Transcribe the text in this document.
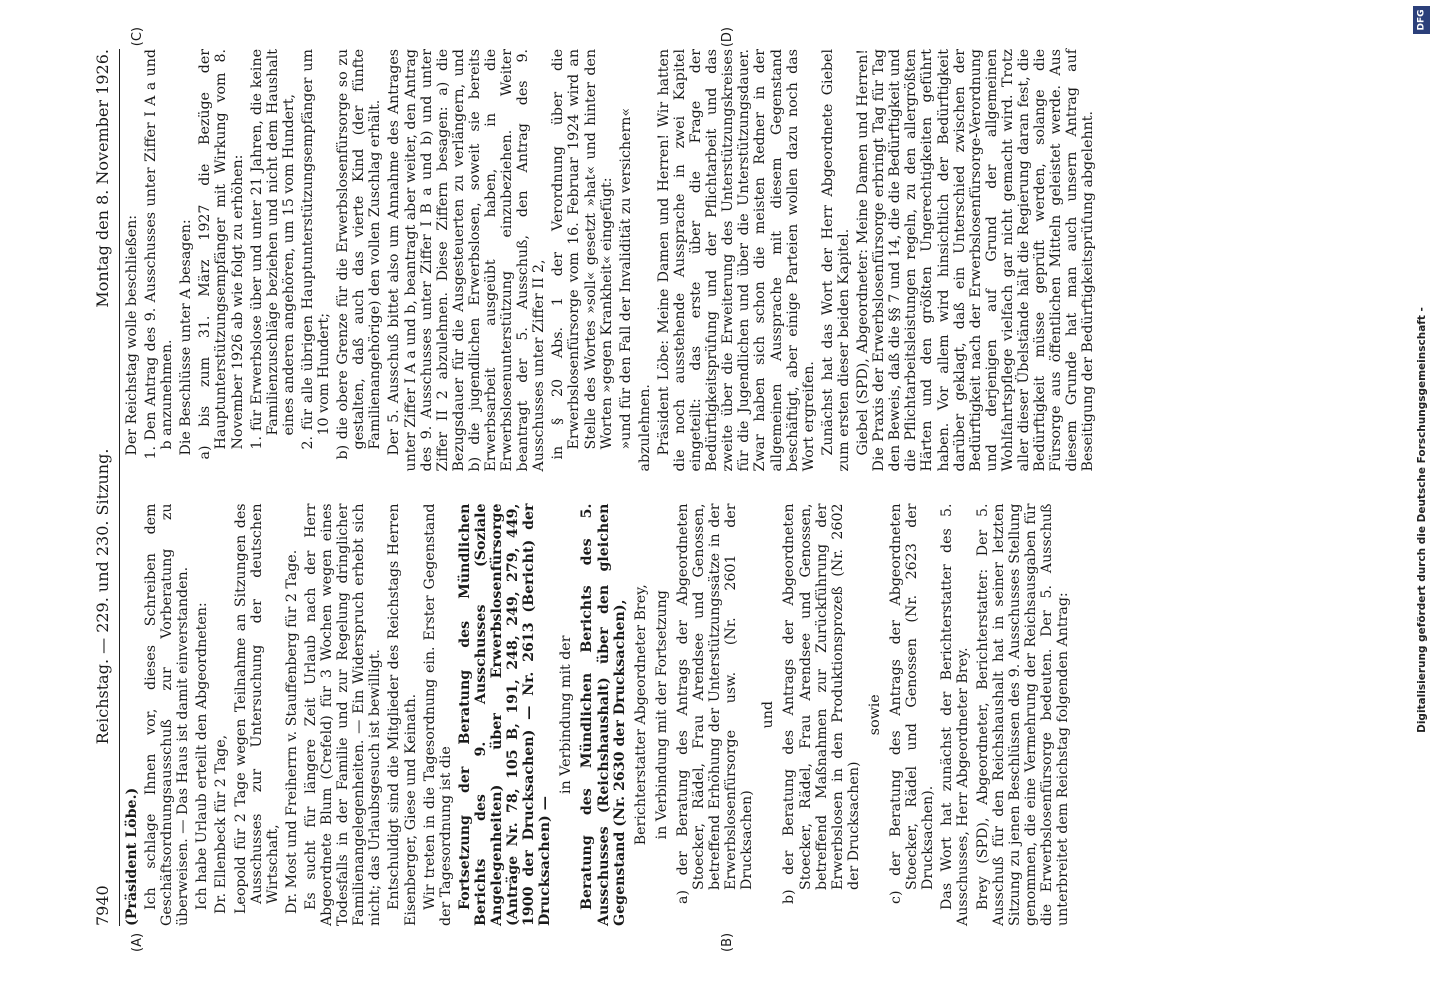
DFG
Digitalisierung gefördert durch die Deutsche Forschungsgemeinschaft -
7940
Reichstag. — 229. und 230. Sitzung.
Montag den 8. November 1926.
(A)	(B)
(C)	(D)

(Präsident Löbe.) Ich schlage Ihnen vor, dieses Schreiben dem Geschäftsordnungsausschuß zur Vorberatung zu überweisen. — Das Haus ist damit einverstanden. Ich habe Urlaub erteilt den Abgeordneten: Dr. Ellenbeck für 2 Tage, Leopold für 2 Tage wegen Teilnahme an Sitzungen des Ausschusses zur Untersuchung der deutschen Wirtschaft, Dr. Most und Freiherrn v. Stauffenberg für 2 Tage. Es sucht für längere Zeit Urlaub nach der Herr Abgeordnete Blum (Crefeld) für 3 Wochen wegen eines Todesfalls in der Familie und zur Regelung dringlicher Familienangelegenheiten. — Ein Widerspruch erhebt sich nicht; das Urlaubsgesuch ist bewilligt. Entschuldigt sind die Mitglieder des Reichstags Herren Eisenberger, Giese und Keinath. Wir treten in die Tagesordnung ein. Erster Gegenstand der Tagesordnung ist die Fortsetzung der Beratung des Mündlichen Berichts des 9. Ausschusses (Soziale Angelegenheiten) über Erwerbslosenfürsorge (Anträge Nr. 78, 105 B, 191, 248, 249, 279, 449, 1900 der Drucksachen) — Nr. 2613 (Bericht) der Drucksachen) —

in Verbindung mit der Beratung des Mündlichen Berichts des 5. Ausschusses (Reichshaushalt) über den gleichen Gegenstand (Nr. 2630 der Drucksachen), Berichterstatter Abgeordneter Brey, in Verbindung mit der Fortsetzung a) der Beratung des Antrags der Abgeordneten Stoecker, Rädel, Frau Arendsee und Genossen, betreffend Erhöhung der Unterstützungssätze in der Erwerbslosenfürsorge usw. (Nr. 2601 der Drucksachen)

und b) der Beratung des Antrags der Abgeordneten Stoecker, Rädel, Frau Arendsee und Genossen, betreffend Maßnahmen zur Zurückführung der Erwerbslosen in den Produktionsprozeß (Nr. 2602 der Drucksachen)

sowie c) der Beratung des Antrags der Abgeordneten Stoecker, Rädel und Genossen (Nr. 2623 der Drucksachen). Das Wort hat zunächst der Berichterstatter des 5. Ausschusses, Herr Abgeordneter Brey. Brey (SPD), Abgeordneter, Berichterstatter: Der 5. Ausschuß für den Reichshaushalt hat in seiner letzten Sitzung zu jenen Beschlüssen des 9. Ausschusses Stellung genommen, die eine Vermehrung der Reichsausgaben für die Erwerbslosenfürsorge bedeuten. Der 5. Ausschuß unterbreitet dem Reichstag folgenden Antrag:

Der Reichstag wolle beschließen: 1. Den Antrag des 9. Ausschusses unter Ziffer I A a und b anzunehmen. Die Beschlüsse unter A besagen: a) bis zum 31. März 1927 die Bezüge der Hauptunterstützungsempfänger mit Wirkung vom 8. November 1926 ab wie folgt zu erhöhen: 1. für Erwerbslose über und unter 21 Jahren, die keine Familienzuschläge beziehen und nicht dem Haushalt eines anderen angehören, um 15 vom Hundert, 2. für alle übrigen Hauptunterstützungsempfänger um 10 vom Hundert; b) die obere Grenze für die Erwerbslosenfürsorge so zu gestalten, daß auch das vierte Kind (der fünfte Familienangehörige) den vollen Zuschlag erhält. Der 5. Ausschuß bittet also um Annahme des Antrages unter Ziffer I A a und b, beantragt aber weiter, den Antrag des 9. Ausschusses unter Ziffer I B a und b) und unter Ziffer II 2 abzulehnen. Diese Ziffern besagen: a) die Bezugsdauer für die Ausgesteuerten zu verlängern, und b) die jugendlichen Erwerbslosen, soweit sie bereits Erwerbsarbeit ausgeübt haben, in die Erwerbslosenunterstützung einzubeziehen. Weiter beantragt der 5. Ausschuß, den Antrag des 9. Ausschusses unter Ziffer II 2, in § 20 Abs. 1 der Verordnung über die Erwerbslosenfürsorge vom 16. Februar 1924 wird an Stelle des Wortes »soll« gesetzt »hat« und hinter den Worten »gegen Krankheit« eingefügt: »und für den Fall der Invalidität zu versichern« abzulehnen. Präsident Löbe: Meine Damen und Herren! Wir hatten die noch ausstehende Aussprache in zwei Kapitel eingeteilt: das erste über die Frage der Bedürftigkeitsprüfung und der Pflichtarbeit und das zweite über die Erweiterung des Unterstützungskreises für die Jugendlichen und über die Unterstützungsdauer. Zwar haben sich schon die meisten Redner in der allgemeinen Aussprache mit diesem Gegenstand beschäftigt, aber einige Parteien wollen dazu noch das Wort ergreifen. Zunächst hat das Wort der Herr Abgeordnete Giebel zum ersten dieser beiden Kapitel. Giebel (SPD), Abgeordneter: Meine Damen und Herren! Die Praxis der Erwerbslosenfürsorge erbringt Tag für Tag den Beweis, daß die §§ 7 und 14, die die Bedürftigkeit und die Pflichtarbeitsleistungen regeln, zu den allergrößten Härten und den größten Ungerechtigkeiten geführt haben. Vor allem wird hinsichtlich der Bedürftigkeit darüber geklagt, daß ein Unterschied zwischen der Bedürftigkeit nach der Erwerbslosenfürsorge-Verordnung und derjenigen auf Grund der allgemeinen Wohlfahrtspflege vielfach gar nicht gemacht wird. Trotz aller dieser Übelstände hält die Regierung daran fest, die Bedürftigkeit müsse geprüft werden, solange die Fürsorge aus öffentlichen Mitteln geleistet werde. Aus diesem Grunde hat man auch unsern Antrag auf Beseitigung der Bedürftigkeitsprüfung abgelehnt.
